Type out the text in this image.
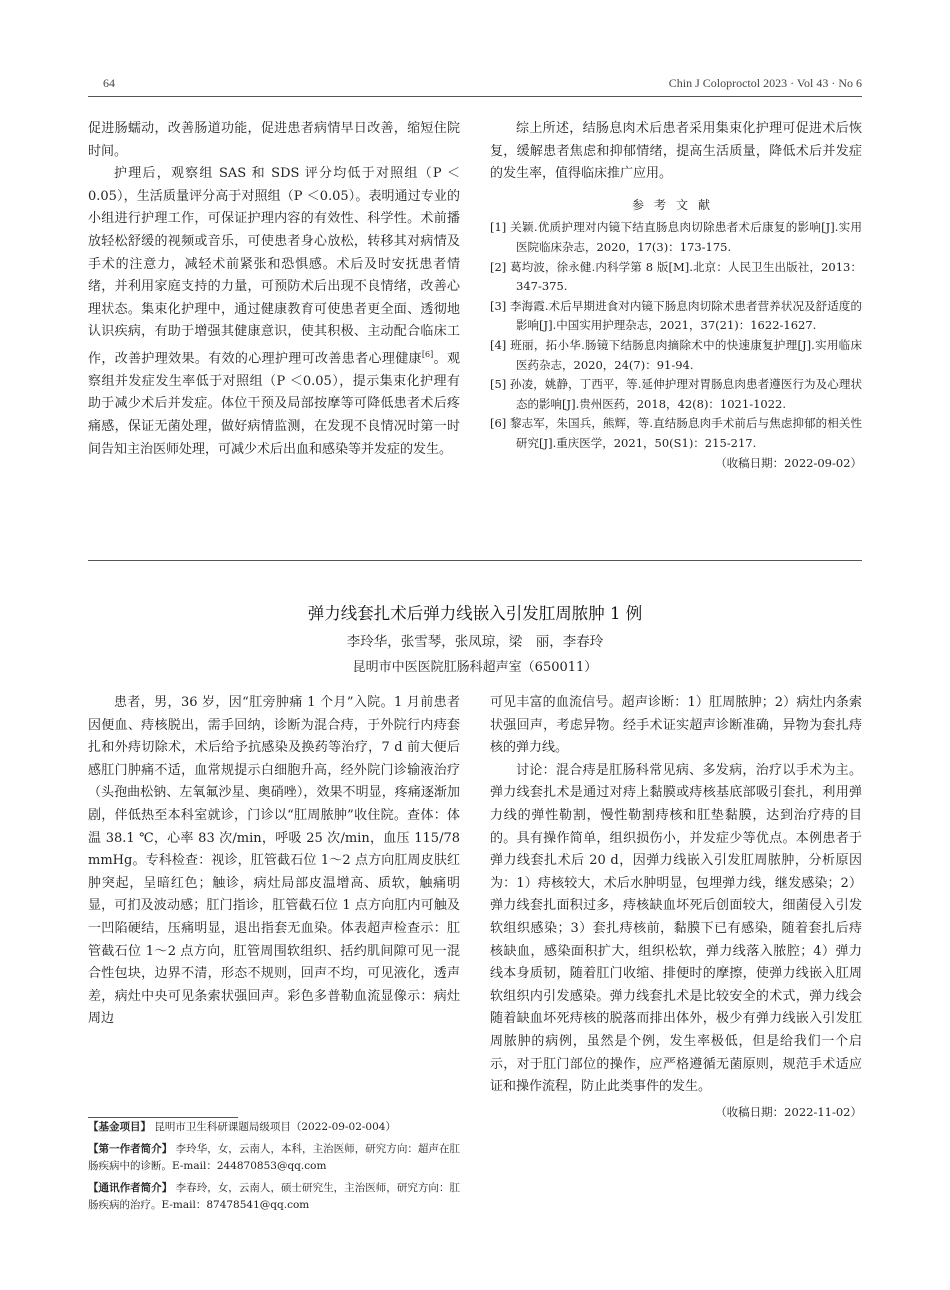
64	Chin J Coloproctol 2023 · Vol 43 · No 6

促进肠蠕动，改善肠道功能，促进患者病情早日改善，缩短住院时间。

护理后，观察组 SAS 和 SDS 评分均低于对照组（P ＜0.05），生活质量评分高于对照组（P ＜0.05）。表明通过专业的小组进行护理工作，可保证护理内容的有效性、科学性。术前播放轻松舒缓的视频或音乐，可使患者身心放松，转移其对病情及手术的注意力，减轻术前紧张和恐惧感。术后及时安抚患者情绪，并利用家庭支持的力量，可预防术后出现不良情绪，改善心理状态。集束化护理中，通过健康教育可使患者更全面、透彻地认识疾病，有助于增强其健康意识，使其积极、主动配合临床工作，改善护理效果。有效的心理护理可改善患者心理健康[6]。观察组并发症发生率低于对照组（P ＜0.05），提示集束化护理有助于减少术后并发症。体位干预及局部按摩等可降低患者术后疼痛感，保证无菌处理，做好病情监测，在发现不良情况时第一时间告知主治医师处理，可减少术后出血和感染等并发症的发生。

综上所述，结肠息肉术后患者采用集束化护理可促进术后恢复，缓解患者焦虑和抑郁情绪，提高生活质量，降低术后并发症的发生率，值得临床推广应用。

参考文献
[1] 关颖.优质护理对内镜下结直肠息肉切除患者术后康复的影响[J].实用医院临床杂志，2020，17(3)：173-175.
[2] 葛均波，徐永健.内科学第 8 版[M].北京：人民卫生出版社，2013：347-375.
[3] 李海霞.术后早期进食对内镜下肠息肉切除术患者营养状况及舒适度的影响[J].中国实用护理杂志，2021，37(21)：1622-1627.
[4] 班丽，拓小华.肠镜下结肠息肉摘除术中的快速康复护理[J].实用临床医药杂志，2020，24(7)：91-94.
[5] 孙凌，姚静，丁西平，等.延伸护理对胃肠息肉患者遵医行为及心理状态的影响[J].贵州医药，2018，42(8)：1021-1022.
[6] 黎志军，朱国兵，熊辉，等.直结肠息肉手术前后与焦虑抑郁的相关性研究[J].重庆医学，2021，50(S1)：215-217.
（收稿日期：2022-09-02）
弹力线套扎术后弹力线嵌入引发肛周脓肿 1 例
李玲华，张雪琴，张凤琼，梁　丽，李春玲
昆明市中医医院肛肠科超声室（650011）

患者，男，36 岁，因“肛旁肿痛 1 个月”入院。1 月前患者因便血、痔核脱出，需手回纳，诊断为混合痔，于外院行内痔套扎和外痔切除术，术后给予抗感染及换药等治疗，7 d 前大便后感肛门肿痛不适，血常规提示白细胞升高，经外院门诊输液治疗（头孢曲松钠、左氧氟沙星、奥硝唑），效果不明显，疼痛逐渐加剧，伴低热至本科室就诊，门诊以“肛周脓肿”收住院。查体：体温 38.1 ℃，心率 83 次/min，呼吸 25 次/min，血压 115/78 mmHg。专科检查：视诊，肛管截石位 1～2 点方向肛周皮肤红肿突起，呈暗红色；触诊，病灶局部皮温增高、质软，触痛明显，可扪及波动感；肛门指诊，肛管截石位 1 点方向肛内可触及一凹陷硬结，压痛明显，退出指套无血染。体表超声检查示：肛管截石位 1～2 点方向，肛管周围软组织、括约肌间隙可见一混合性包块，边界不清，形态不规则，回声不均，可见液化，透声差，病灶中央可见条索状强回声。彩色多普勒血流显像示：病灶周边

可见丰富的血流信号。超声诊断：1）肛周脓肿；2）病灶内条索状强回声，考虑异物。经手术证实超声诊断准确，异物为套扎痔核的弹力线。

讨论：混合痔是肛肠科常见病、多发病，治疗以手术为主。弹力线套扎术是通过对痔上黏膜或痔核基底部吸引套扎，利用弹力线的弹性勒割，慢性勒割痔核和肛垫黏膜，达到治疗痔的目的。具有操作简单，组织损伤小，并发症少等优点。本例患者于弹力线套扎术后 20 d，因弹力线嵌入引发肛周脓肿，分析原因为：1）痔核较大，术后水肿明显，包埋弹力线，继发感染；2）弹力线套扎面积过多，痔核缺血坏死后创面较大，细菌侵入引发软组织感染；3）套扎痔核前，黏膜下已有感染，随着套扎后痔核缺血，感染面积扩大，组织松软，弹力线落入脓腔；4）弹力线本身质韧，随着肛门收缩、排便时的摩擦，使弹力线嵌入肛周软组织内引发感染。弹力线套扎术是比较安全的术式，弹力线会随着缺血坏死痔核的脱落而排出体外，极少有弹力线嵌入引发肛周脓肿的病例，虽然是个例，发生率极低，但是给我们一个启示，对于肛门部位的操作，应严格遵循无菌原则，规范手术适应证和操作流程，防止此类事件的发生。

（收稿日期：2022-11-02）
【基金项目】 昆明市卫生科研课题局级项目（2022-09-02-004）
【第一作者简介】 李玲华，女，云南人，本科，主治医师，研究方向：超声在肛肠疾病中的诊断。E-mail：244870853@qq.com
【通讯作者简介】 李春玲，女，云南人，硕士研究生，主治医师，研究方向：肛肠疾病的治疗。E-mail：87478541@qq.com
